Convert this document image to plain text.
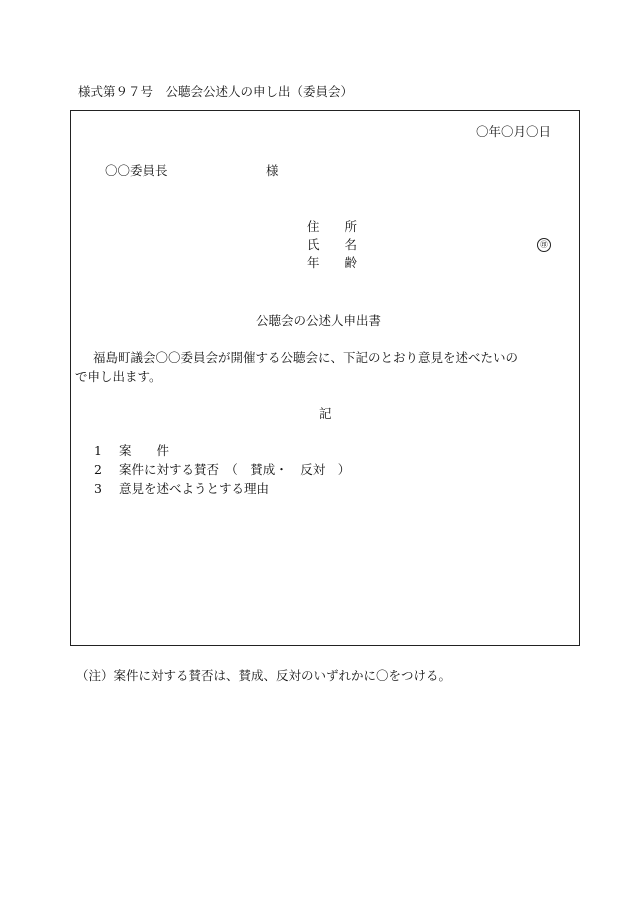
様式第９７号　公聴会公述人の申し出（委員会）
〇年〇月〇日
〇〇委員長	様
住　　所
氏　　名	㊞
年　　齢
公聴会の公述人申出書
福島町議会〇〇委員会が開催する公聴会に、下記のとおり意見を述べたいの
で申し出ます。
記
1 案　　件
2 案件に対する賛否　（　賛成・　反対　）
3 意見を述べようとする理由
（注）案件に対する賛否は、賛成、反対のいずれかに〇をつける。
